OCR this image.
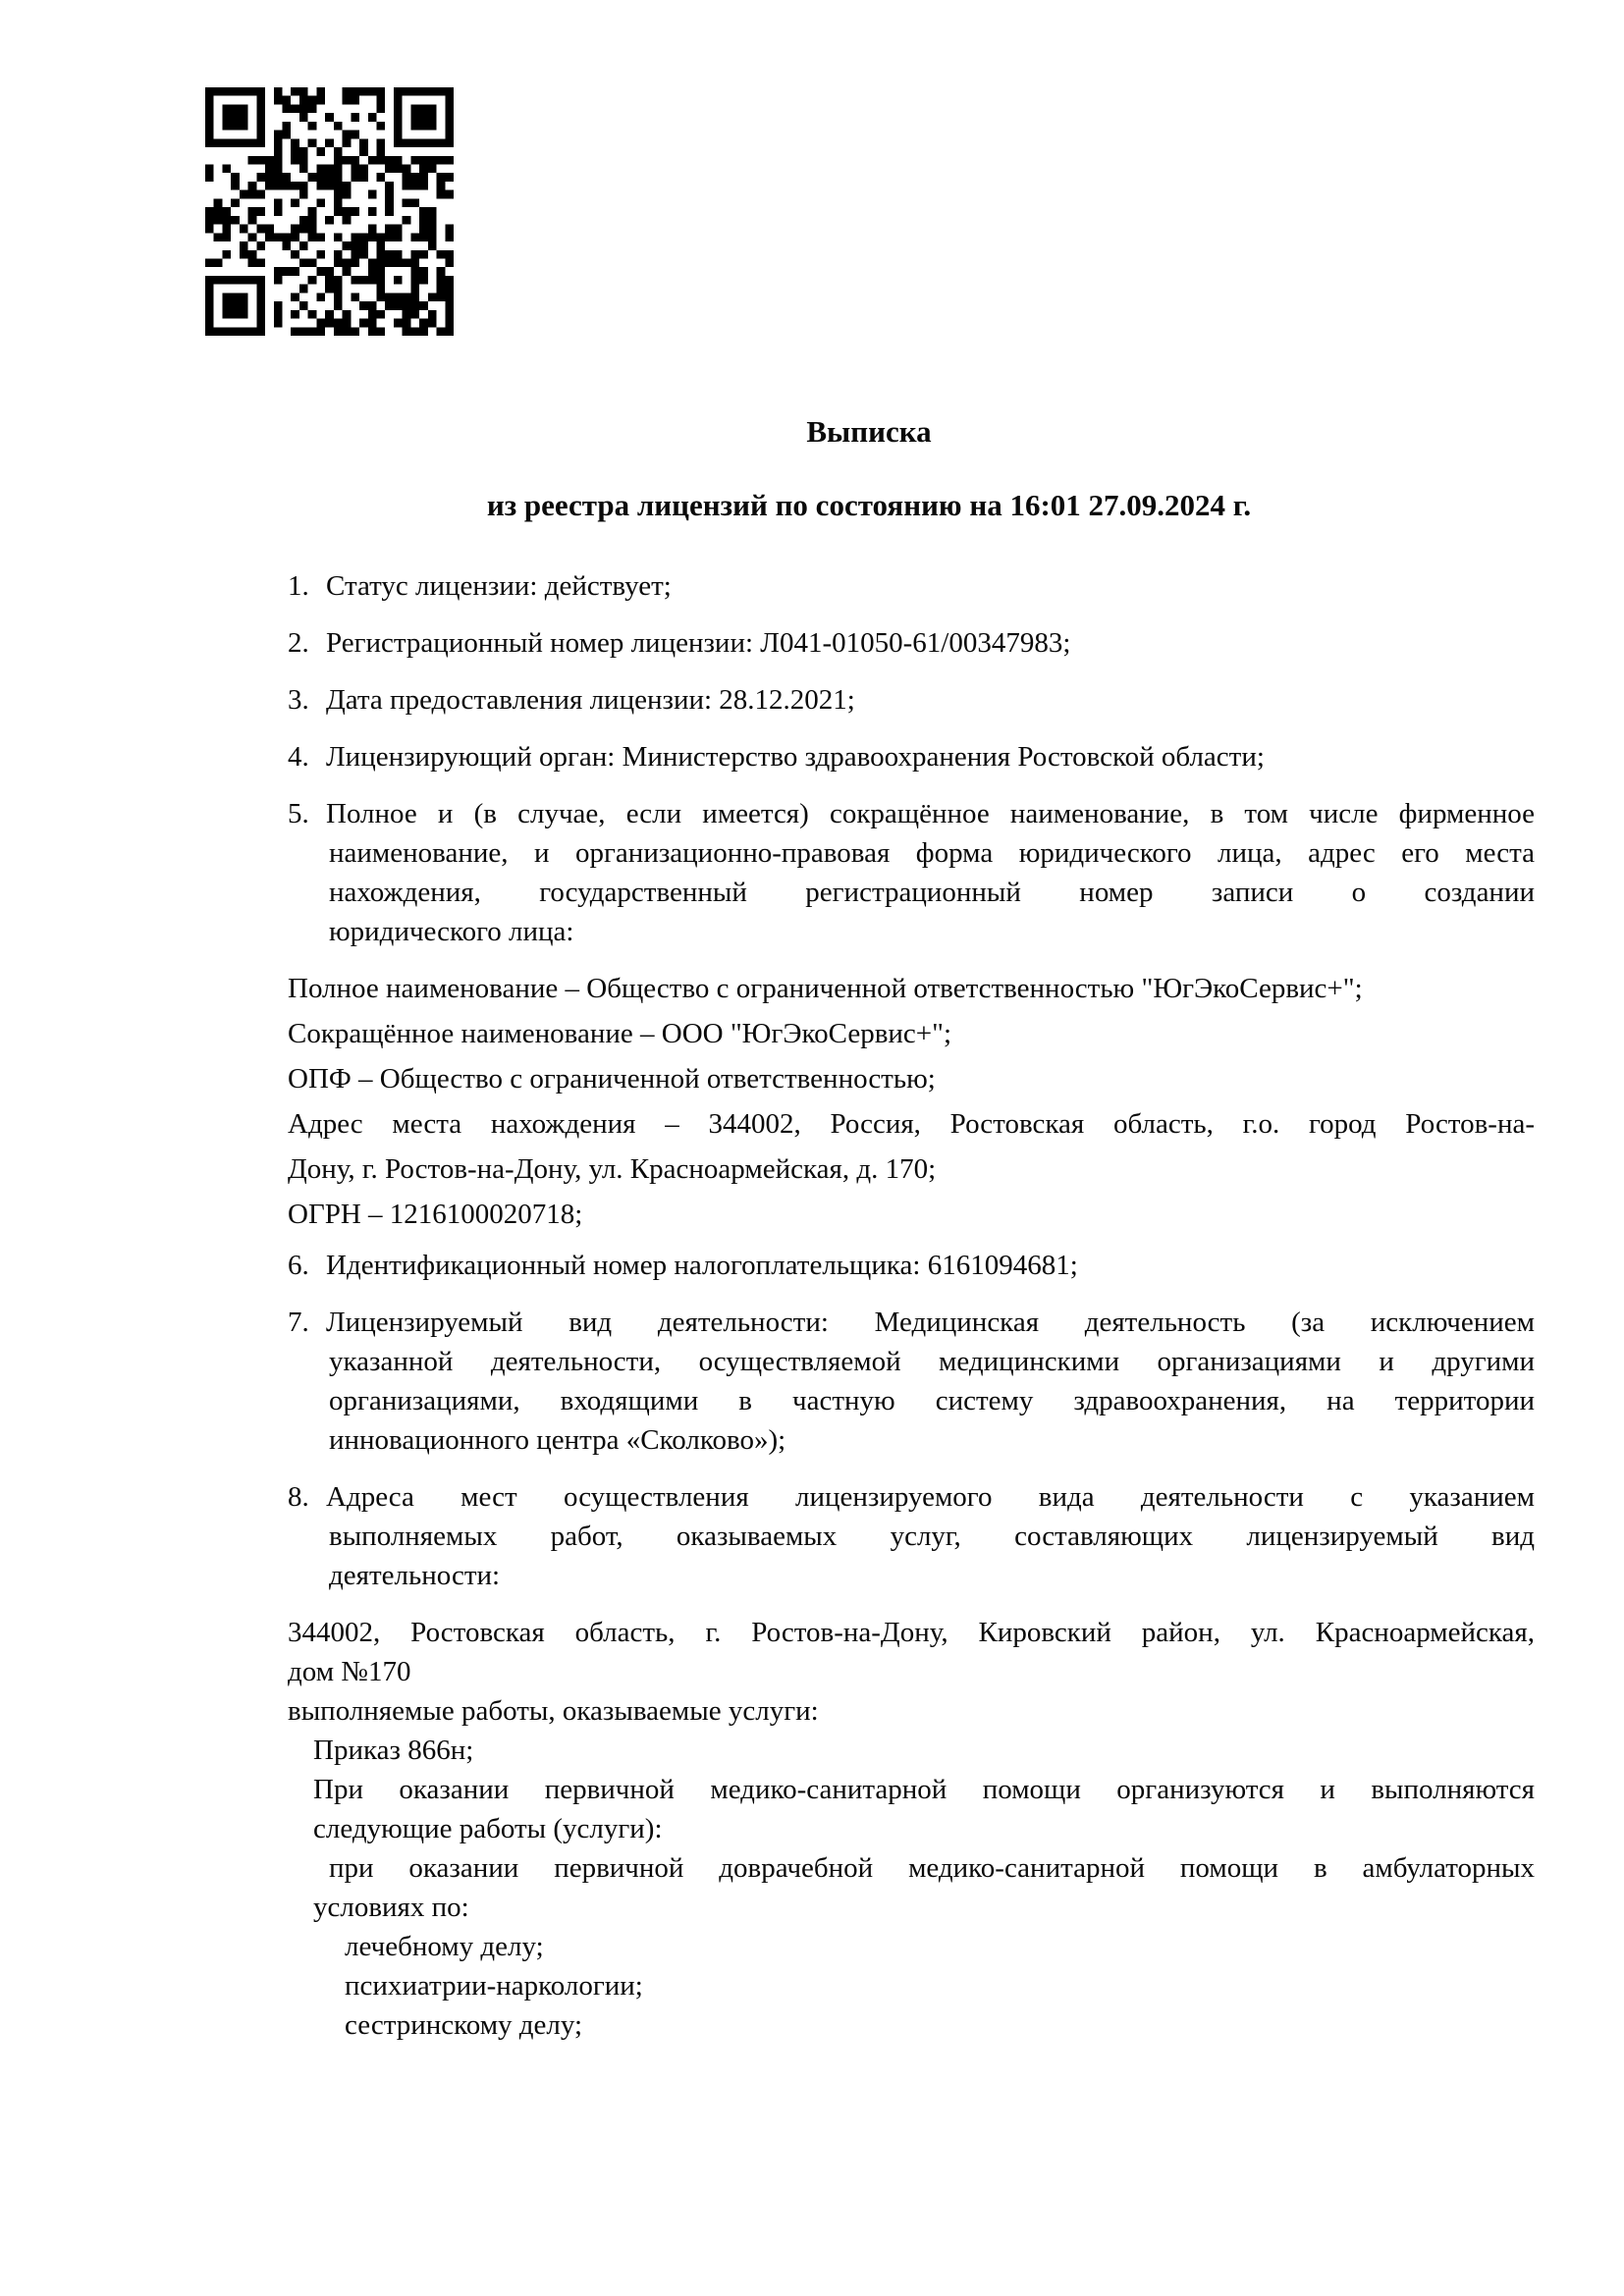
Выписка
из реестра лицензий по состоянию на 16:01 27.09.2024 г.
1. Статус лицензии: действует;
2. Регистрационный номер лицензии: Л041-01050-61/00347983;
3. Дата предоставления лицензии: 28.12.2021;
4. Лицензирующий орган: Министерство здравоохранения Ростовской области;
5. Полное и (в случае, если имеется) сокращённое наименование, в том числе фирменное
наименование, и организационно-правовая форма юридического лица, адрес его места
нахождения, государственный регистрационный номер записи о создании
юридического лица:
Полное наименование – Общество с ограниченной ответственностью "ЮгЭкоСервис+";
Сокращённое наименование – ООО "ЮгЭкоСервис+";
ОПФ – Общество с ограниченной ответственностью;
Адрес места нахождения – 344002, Россия, Ростовская область, г.о. город Ростов-на-
Дону, г. Ростов-на-Дону, ул. Красноармейская, д. 170;
ОГРН – 1216100020718;
6. Идентификационный номер налогоплательщика: 6161094681;
7. Лицензируемый вид деятельности: Медицинская деятельность (за исключением
указанной деятельности, осуществляемой медицинскими организациями и другими
организациями, входящими в частную систему здравоохранения, на территории
инновационного центра «Сколково»);
8. Адреса мест осуществления лицензируемого вида деятельности с указанием
выполняемых работ, оказываемых услуг, составляющих лицензируемый вид
деятельности:
344002, Ростовская область, г. Ростов-на-Дону, Кировский район, ул. Красноармейская,
дом №170
выполняемые работы, оказываемые услуги:
Приказ 866н;
При оказании первичной медико-санитарной помощи организуются и выполняются
следующие работы (услуги):
при оказании первичной доврачебной медико-санитарной помощи в амбулаторных
условиях по:
лечебному делу;
психиатрии-наркологии;
сестринскому делу;
